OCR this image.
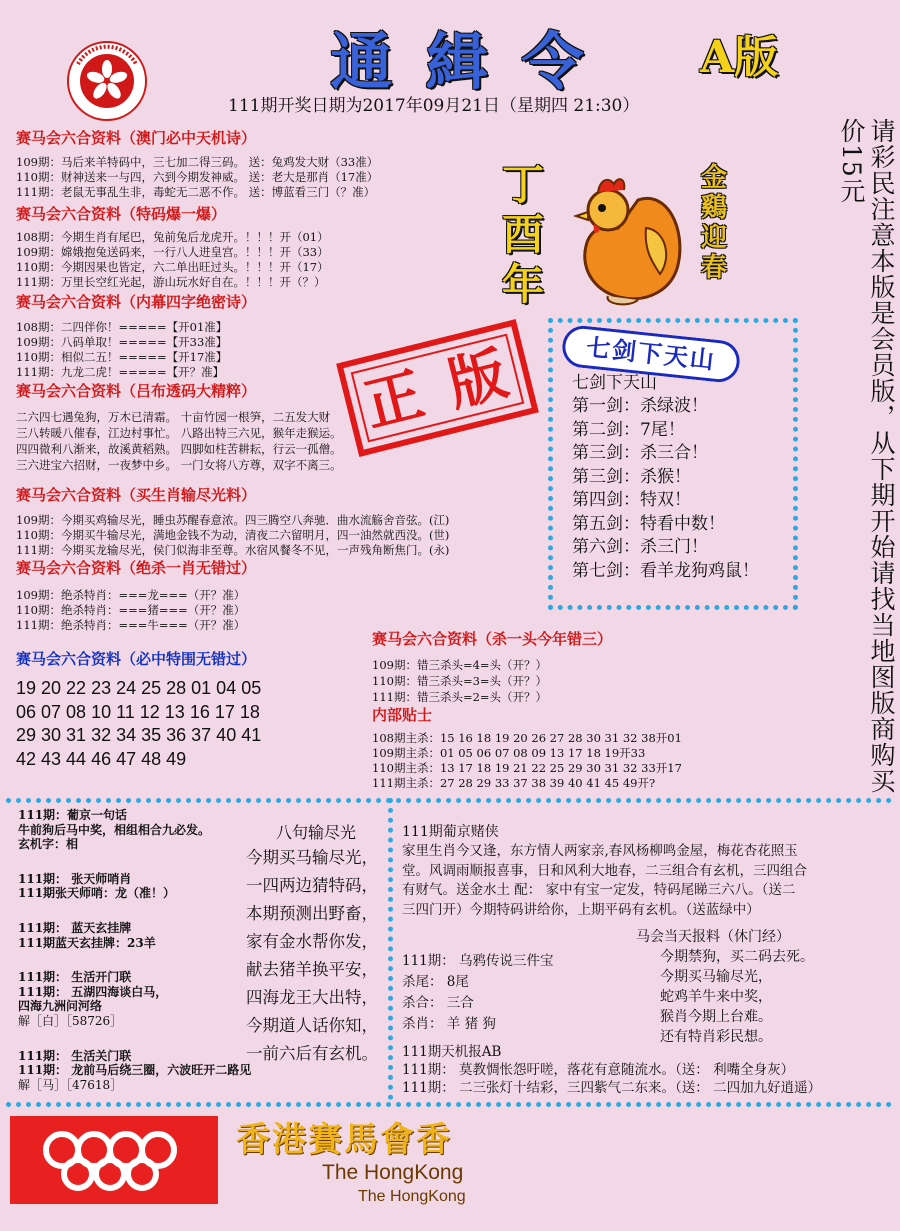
通 緝 令	A版
111期开奖日期为2017年09月21日（星期四 21:30）
赛马会六合资料（澳门必中天机诗）
109期：马后来羊特码中，三七加二得三码。 送：兔鸡发大财（33准）
110期：财神送来一与四，六到今期发神威。 送：老大是那肖（17准）
111期：老鼠无事乱生非，毒蛇无二恶不作。 送：博蓝看三门（？准）
赛马会六合资料（特码爆一爆）
108期：今期生肖有尾巴，兔前兔后龙虎开。！！！开（01）
109期：嫦娥抱兔送码来，一行八人进皇宫。！！！开（33）
110期：今期因果也皆定，六二单出旺过头。！！！开（17）
111期：万里长空红光起，游山玩水好自在。！！！开（？）
赛马会六合资料（内幕四字绝密诗）
108期：二四伴你！=====【开01准】
109期：八码单取！=====【开33准】
110期：相似二五！=====【开17准】
111期：九龙二虎！=====【开？准】
赛马会六合资料（吕布透码大精粹）
二六四七遇兔狗，万木已清霜。 十亩竹园一根笋，二五发大财
三八转暖八催春，江边村事忙。 八路出特三六见，猴年走猴运。
四四微利八渐来，故溪黄稻熟。 四脚如柱苦耕耘，行云一孤僧。
三六进宝六招财，一夜梦中乡。 一门女将八方尊，双字不离三。
赛马会六合资料（买生肖输尽光料）
109期：今期买鸡输尽光，睡虫苏醒春意浓。四三腾空八奔驰．曲水流觞舍音弦。(江)
110期：今期买牛输尽光，满地金钱不为动，清夜二六留明月，四一油然就西没。(世)
111期：今期买龙输尽光，侯门似海非至尊。水宿风餐冬不见，一声残角断焦门。(永)
赛马会六合资料（绝杀一肖无错过）
109期：绝杀特肖：===龙===（开？准）
110期：绝杀特肖：===猪===（开？准）
111期：绝杀特肖：===牛===（开？准）
赛马会六合资料（必中特围无错过）
19 20 22 23 24 25 28 01 04 05
06 07 08 10 11 12 13 16 17 18
29 30 31 32 34 35 36 37 40 41
42 43 44 46 47 48 49
丁酉年
金鷄迎春
正 版	七剑下天山
七剑下天山
第一剑：杀绿波！
第二剑：7尾！
第三剑：杀三合！
第三剑：杀猴！
第四剑：特双！
第五剑：特看中数！
第六剑：杀三门！
第七剑：看羊龙狗鸡鼠！	请彩民注意本版是会员版，从下期开始请找当地图版商购买价15元
赛马会六合资料（杀一头今年错三）
109期：错三杀头=4=头（开？）
110期：错三杀头=3=头（开？）
111期：错三杀头=2=头（开？）
内部贴士
108期主杀：15 16 18 19 20 26 27 28 30 31 32 38开01
109期主杀：01 05 06 07 08 09 13 17 18 19开33
110期主杀：13 17 18 19 21 22 25 29 30 31 32 33开17
111期主杀：27 28 29 33 37 38 39 40 41 45 49开?
111期：葡京一句话
牛前狗后马中奖，相组相合九必发。
玄机字：相
111期： 张天师哨肖
111期张天师哨：龙（准！）
111期： 蓝天玄挂牌
111期蓝天玄挂牌：23羊
111期： 生活开门联
111期： 五湖四海谈白马，
四海九洲问河络
解［白］［58726］
111期： 生活关门联
111期： 龙前马后绕三圈，六波旺开二路见
解［马］［47618］
八句输尽光
今期买马输尽光，
一四两边猜特码，
本期预测出野畜，
家有金水帮你发，
献去猪羊换平安，
四海龙王大出特，
今期道人话你知，
一前六后有玄机。
111期葡京赌侠
家里生肖今又逢，东方情人两家亲,春风杨柳鸣金屋，梅花杏花照玉
堂。风调雨顺报喜事，日和风利大地春，二三组合有玄机，三四组合
有财气。送金水土 配： 家中有宝一定发，特码尾睇三六八。（送二
三四门开）今期特码讲给你，上期平码有玄机。（送蓝绿中）
马会当天报料（休门经）
今期禁狗，买二码去死。
今期买马输尽光，
蛇鸡羊牛来中奖，
猴肖今期上台难。
还有特肖彩民想。
111期： 乌鸦传说三件宝
杀尾： 8尾
杀合： 三合
杀肖： 羊 猪 狗
111期天机报AB
111期： 莫教惆怅怨吁嗟，落花有意随流水。（送： 利嘴全身灰）
111期： 二三张灯十结彩，三四紫气二东来。（送： 二四加九好逍遥）
香港賽馬會香
The HongKong
The HongKong
